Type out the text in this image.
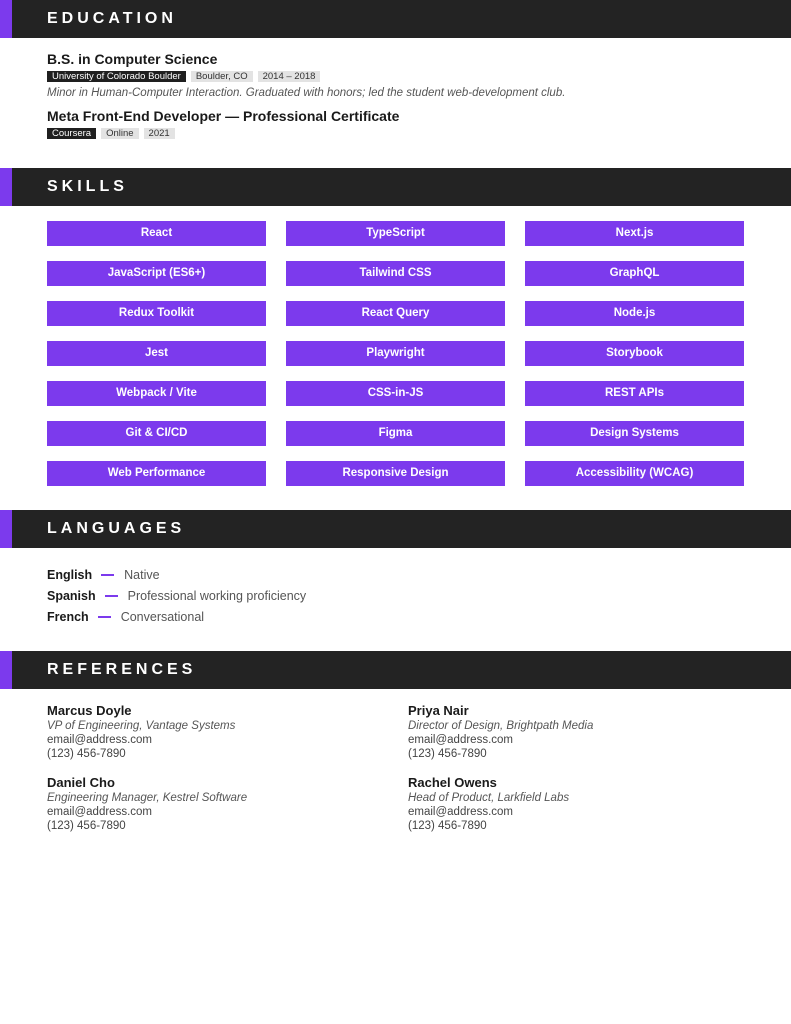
EDUCATION
B.S. in Computer Science
University of Colorado Boulder	Boulder, CO	2014 – 2018
Minor in Human-Computer Interaction. Graduated with honors; led the student web-development club.
Meta Front-End Developer — Professional Certificate
Coursera	Online	2021
SKILLS
React	TypeScript	Next.js
JavaScript (ES6+)	Tailwind CSS	GraphQL
Redux Toolkit	React Query	Node.js
Jest	Playwright	Storybook
Webpack / Vite	CSS-in-JS	REST APIs
Git & CI/CD	Figma	Design Systems
Web Performance	Responsive Design	Accessibility (WCAG)
LANGUAGES
English	Native
Spanish	Professional working proficiency
French	Conversational
REFERENCES
Marcus Doyle
VP of Engineering, Vantage Systems
email@address.com
(123) 456-7890
Priya Nair
Director of Design, Brightpath Media
email@address.com
(123) 456-7890
Daniel Cho
Engineering Manager, Kestrel Software
email@address.com
(123) 456-7890
Rachel Owens
Head of Product, Larkfield Labs
email@address.com
(123) 456-7890
